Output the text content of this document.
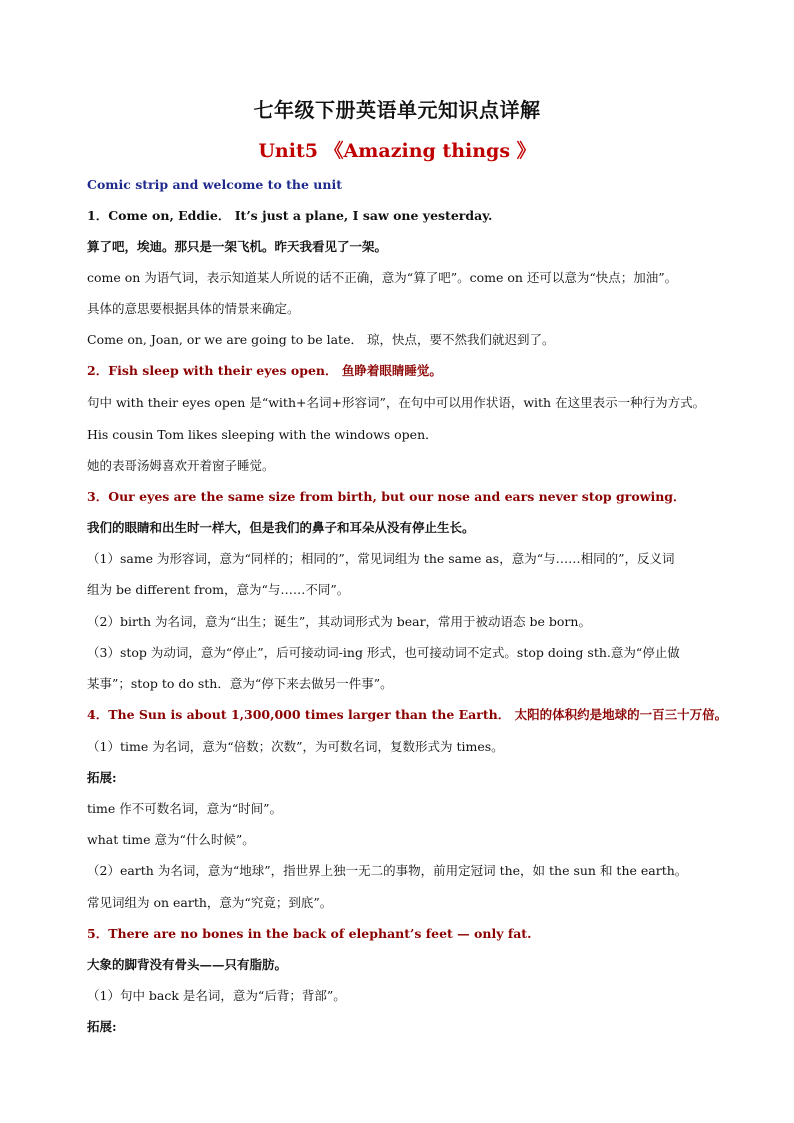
七年级下册英语单元知识点详解
Unit5 《Amazing things 》
Comic strip and welcome to the unit
1．Come on, Eddie． It’s just a plane, I saw one yesterday.
算了吧，埃迪。那只是一架飞机。昨天我看见了一架。
come on 为语气词，表示知道某人所说的话不正确，意为“算了吧”。come on 还可以意为“快点；加油”。
具体的意思要根据具体的情景来确定。
Come on, Joan, or we are going to be late． 琼，快点，要不然我们就迟到了。
2．Fish sleep with their eyes open． 鱼睁着眼睛睡觉。
句中 with their eyes open 是“with+名词+形容词”，在句中可以用作状语，with 在这里表示一种行为方式。
His cousin Tom likes sleeping with the windows open．
她的表哥汤姆喜欢开着窗子睡觉。
3．Our eyes are the same size from birth, but our nose and ears never stop growing．
我们的眼睛和出生时一样大，但是我们的鼻子和耳朵从没有停止生长。
（1）same 为形容词，意为“同样的；相同的”，常见词组为 the same as，意为“与……相同的”，反义词
组为 be different from，意为“与……不同”。
（2）birth 为名词，意为“出生；诞生”，其动词形式为 bear，常用于被动语态 be born。
（3）stop 为动词，意为“停止”，后可接动词-ing 形式，也可接动词不定式。stop doing sth.意为“停止做
某事”；stop to do sth．意为“停下来去做另一件事”。
4．The Sun is about 1,300,000 times larger than the Earth． 太阳的体积约是地球的一百三十万倍。
（1）time 为名词，意为“倍数；次数”，为可数名词，复数形式为 times。
拓展:
time 作不可数名词，意为“时间”。
what time 意为“什么时候”。
（2）earth 为名词，意为“地球”，指世界上独一无二的事物，前用定冠词 the，如 the sun 和 the earth。
常见词组为 on earth，意为“究竟；到底”。
5．There are no bones in the back of elephant’s feet — only fat.
大象的脚背没有骨头——只有脂肪。
（1）句中 back 是名词，意为“后背；背部”。
拓展:
